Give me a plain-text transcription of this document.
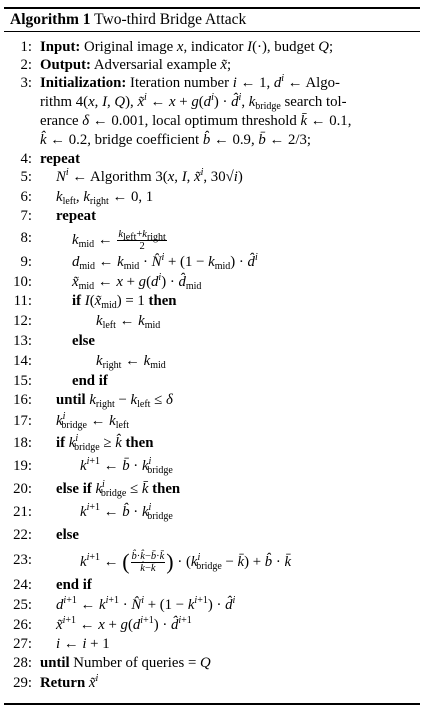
Algorithm 1 Two-third Bridge Attack
1: Input: Original image x, indicator I(·), budget Q;
2: Output: Adversarial example x̃;
3: Initialization: Iteration number i ← 1, $d^i$ ← Algo-
rithm 4(x, I, Q), x̃$^i$ ← $x + g(d^i)$ · d̂$^i$, $k_{bridge}$ search tol-
erance δ ← 0.001, local optimum threshold k̄ ← 0.1,
k̂ ← 0.2, bridge coefficient b̂ ← 0.9, b̄ ← 2/3;
4: repeat
5: $N^i$ ← Algorithm 3(x, I, x̃$^i$, 30√i)
6: $k_{left}$, $k_{right}$ ← 0, 1
7: repeat
8:	$k_{mid}$ ← $\frac{k_{left}+k_{right}}{2}$
9:	$d_{mid}$ ← $k_{mid}$ · N̂$^i$ + $(1 - k_{mid})$ · d̂$^i$
10:	$x̃_{mid}$ ← $x + g(d^i)$ · $d̂_{mid}$
11:	if $I(x̃_{mid}) = 1$ then
12:	$k_{left}$ ← $k_{mid}$
13:	else
14:	$k_{right}$ ← $k_{mid}$
15:	end if
16: until $k_{right} - k_{left} \le \delta$
17: $k^i_{bridge}$ ← $k_{left}$
18: if $k^i_{bridge}$ ≥ k̂ then
19:	$k^{i+1}$ ← b̄ · $k^i_{bridge}$
20: else if $k^i_{bridge}$ ≤ k̄ then
21:	$k^{i+1}$ ← b̂ · $k^i_{bridge}$
22: else
23:	$k^{i+1}$ ← ( $\frac{b̂\cdot k̂-b̄\cdot k̄}{k̂-k̄}$ ) · ($k^i_{bridge}$ − k̄) + b̂ · k̄
24: end if
25: $d^{i+1}$ ← $k^{i+1}$ · N̂$^i$ + $(1 - k^{i+1})$ · d̂$^i$
26: x̃$^{i+1}$ ← $x + g(d^{i+1})$ · d̂$^{i+1}$
27: i ← i + 1
28: until Number of queries = Q
29: Return x̃$^i$
